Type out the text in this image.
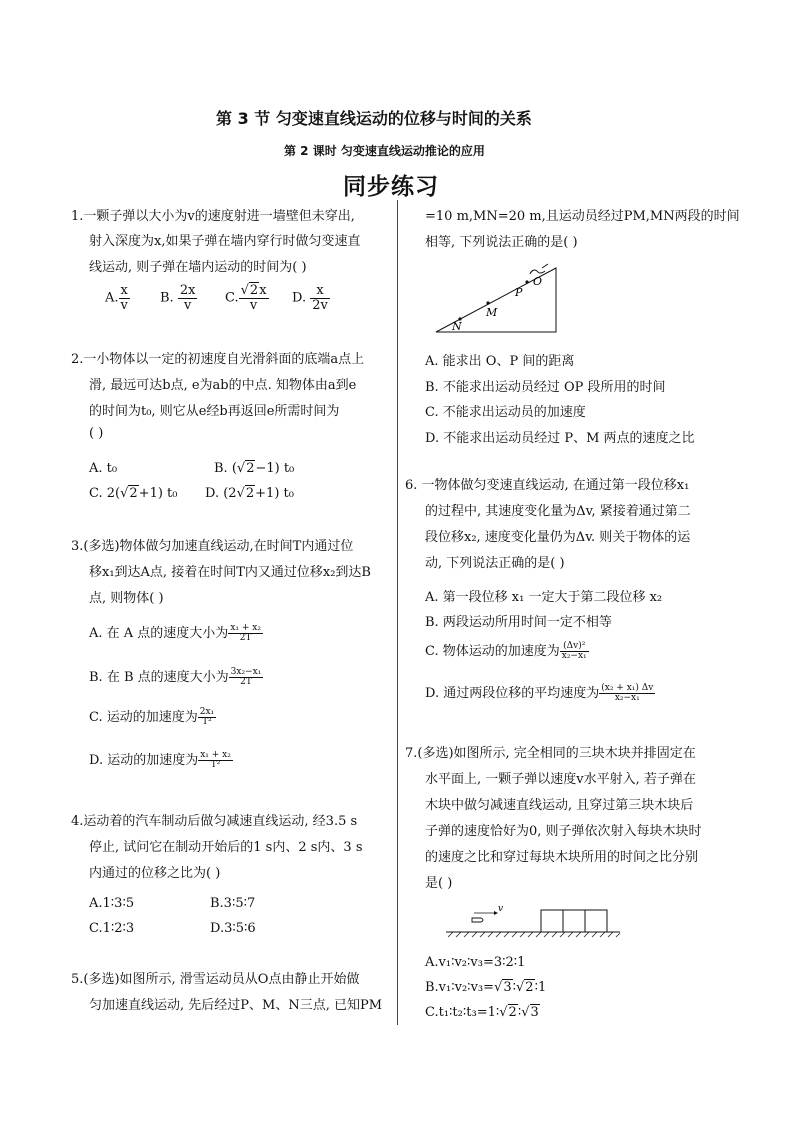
第 3 节 匀变速直线运动的位移与时间的关系
第 2 课时 匀变速直线运动推论的应用
同步练习
1.一颗子弹以大小为v的速度射进一墙壁但未穿出,
射入深度为x,如果子弹在墙内穿行时做匀变速直
线运动, 则子弹在墙内运动的时间为( )
A. $\frac{x}{v} B$. $\frac{2x}{v} C$. $\frac{√2x}{v} D$. $\frac{x}{2v}$
2.一小物体以一定的初速度自光滑斜面的底端a点上
滑, 最远可达b点, e为ab的中点. 知物体由a到e
的时间为t₀, 则它从e经b再返回e所需时间为
( )
A. t₀	B. (√2−1) t₀
C. 2(√2+1) t₀ D. (2√2+1) t₀
3.(多选)物体做匀加速直线运动,在时间T内通过位
移x₁到达A点, 接着在时间T内又通过位移x₂到达B
点, 则物体( )
A. 在 A 点的速度大小为 $\frac{\text{x₁ + x₂}}{2T}$
B. 在 B 点的速度大小为 $\frac{\text{3x₂−x₁}}{2T}$
C. 运动的加速度为 $\frac{\text{2x₁}}{\text{T²}}$
D. 运动的加速度为 $\frac{\text{x₁ + x₂}}{\text{T²}}$
4.运动着的汽车制动后做匀减速直线运动, 经3.5 s
停止, 试问它在制动开始后的1 s内、2 s内、3 s
内通过的位移之比为( )
A.1∶3∶5	B.3∶5∶7
C.1∶2∶3	D.3∶5∶6
5.(多选)如图所示, 滑雪运动员从O点由静止开始做
匀加速直线运动, 先后经过P、M、N三点, 已知PM
=10 m,MN=20 m,且运动员经过PM,MN两段的时间
相等, 下列说法正确的是( )
O
P
M
N
A. 能求出 O、P 间的距离
B. 不能求出运动员经过 OP 段所用的时间
C. 不能求出运动员的加速度
D. 不能求出运动员经过 P、M 两点的速度之比
6. 一物体做匀变速直线运动, 在通过第一段位移x₁
的过程中, 其速度变化量为Δv, 紧接着通过第二
段位移x₂, 速度变化量仍为Δv. 则关于物体的运
动, 下列说法正确的是( )
A. 第一段位移 x₁ 一定大于第二段位移 x₂
B. 两段运动所用时间一定不相等
C. 物体运动的加速度为 $\frac{\text{(Δv)²}}{\text{x₂−x₁}}$
D. 通过两段位移的平均速度为 $\frac{\text{(x₂ + x₁) Δv}}{\text{x₂−x₁}}$
7.(多选)如图所示, 完全相同的三块木块并排固定在
水平面上, 一颗子弹以速度v水平射入, 若子弹在
木块中做匀减速直线运动, 且穿过第三块木块后
子弹的速度恰好为0, 则子弹依次射入每块木块时
的速度之比和穿过每块木块所用的时间之比分别
是( )
v
A.v₁∶v₂∶v₃=3∶2∶1
B.v₁∶v₂∶v₃=√3∶√2∶1
C.t₁∶t₂∶t₃=1∶√2∶√3
